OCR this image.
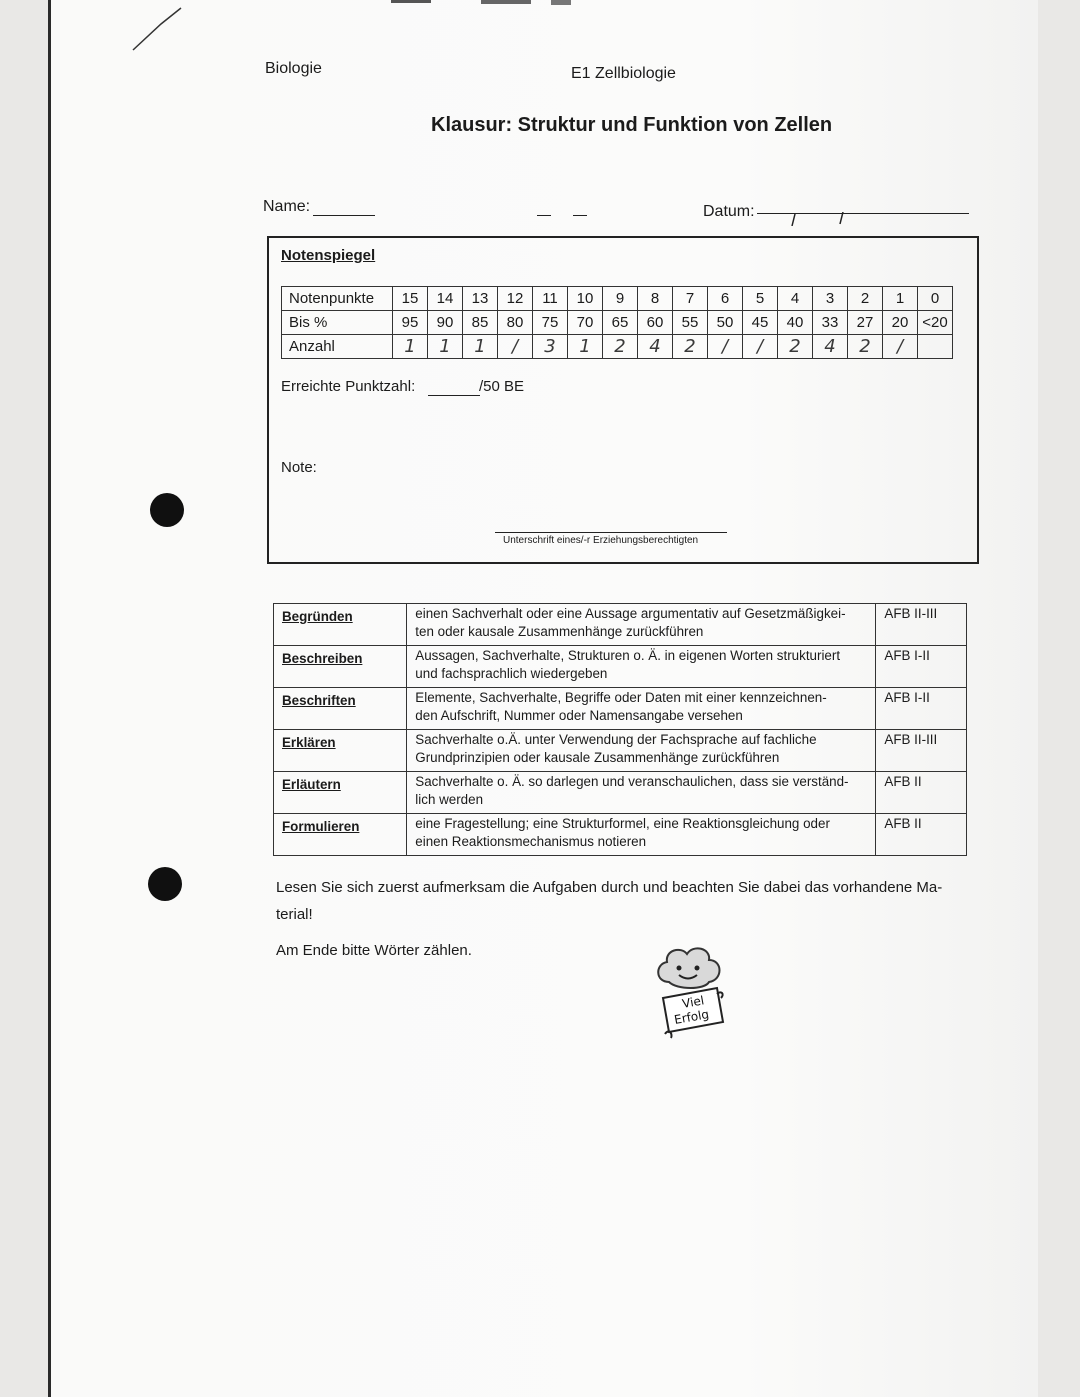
Biologie	E1 Zellbiologie
Klausur: Struktur und Funktion von Zellen
Name:	Datum:
Notenspiegel
Notenpunkte	15	14	13	12	11	10	9	8	7	6	5	4	3	2	1	0
Bis %	95	90	85	80	75	70	65	60	55	50	45	40	33	27	20	<20
Anzahl	1	1	1	/	3	1	2	4	2	/	/	2	4	2	/	
Erreichte Punktzahl:	/50 BE
Note:
Unterschrift eines/-r Erziehungsberechtigten
Begründen	einen Sachverhalt oder eine Aussage argumentativ auf Gesetzmäßigkei-
ten oder kausale Zusammenhänge zurückführen	AFB II-III
Beschreiben	Aussagen, Sachverhalte, Strukturen o. Ä. in eigenen Worten strukturiert
und fachsprachlich wiedergeben	AFB I-II
Beschriften	Elemente, Sachverhalte, Begriffe oder Daten mit einer kennzeichnen-
den Aufschrift, Nummer oder Namensangabe versehen	AFB I-II
Erklären	Sachverhalte o.Ä. unter Verwendung der Fachsprache auf fachliche
Grundprinzipien oder kausale Zusammenhänge zurückführen	AFB II-III
Erläutern	Sachverhalte o. Ä. so darlegen und veranschaulichen, dass sie verständ-
lich werden	AFB II
Formulieren	eine Fragestellung; eine Strukturformel, eine Reaktionsgleichung oder
einen Reaktionsmechanismus notieren	AFB II
Lesen Sie sich zuerst aufmerksam die Aufgaben durch und beachten Sie dabei das vorhandene Ma-terial!
Am Ende bitte Wörter zählen.
Viel
Erfolg
